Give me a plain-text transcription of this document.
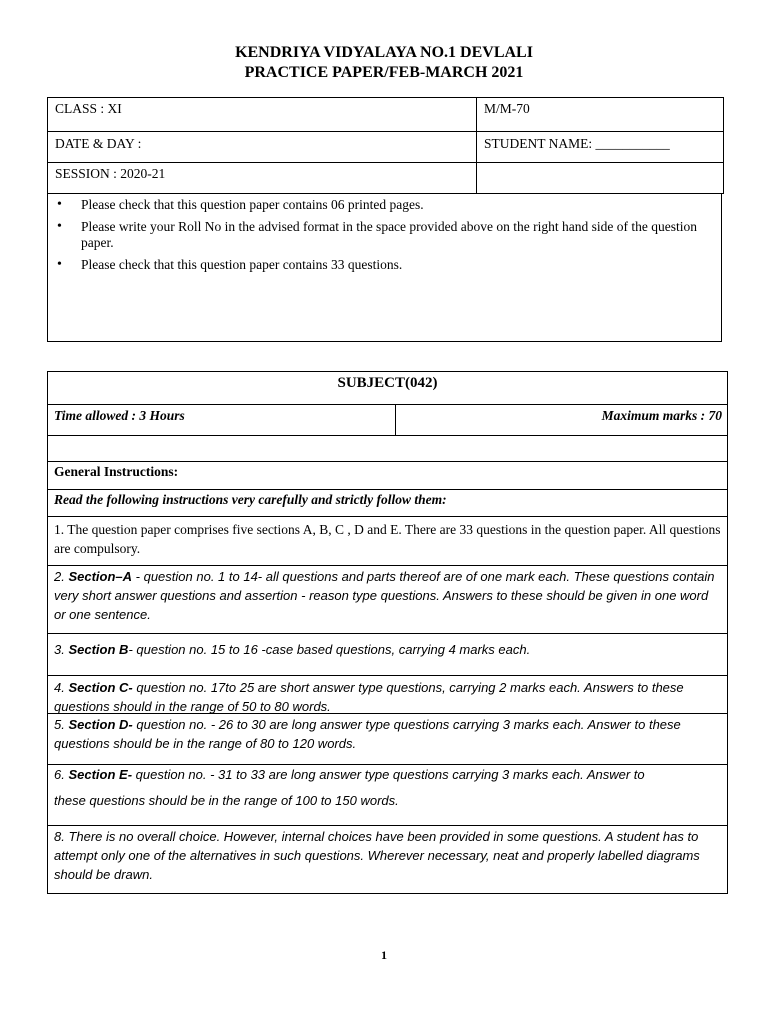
KENDRIYA VIDYALAYA NO.1 DEVLALI
PRACTICE PAPER/FEB-MARCH 2021
CLASS : XI	M/M-70
DATE & DAY :	STUDENT NAME: ___________
SESSION : 2020-21
• Please check that this question paper contains 06 printed pages.
• Please write your Roll No in the advised format in the space provided above on the right hand side of the question paper.
• Please check that this question paper contains 33 questions.
SUBJECT(042)
Time allowed : 3 Hours	Maximum marks : 70
General Instructions:
Read the following instructions very carefully and strictly follow them:
1. The question paper comprises five sections A, B, C , D and E. There are 33 questions in the question paper. All questions are compulsory.
2. Section–A - question no. 1 to 14- all questions and parts thereof are of one mark each. These questions contain very short answer questions and assertion - reason type questions. Answers to these should be given in one word or one sentence.
3. Section B- question no. 15 to 16 -case based questions, carrying 4 marks each.
4. Section C- question no. 17to 25 are short answer type questions, carrying 2 marks each. Answers to these questions should in the range of 50 to 80 words.
5. Section D- question no. - 26 to 30 are long answer type questions carrying 3 marks each. Answer to these questions should be in the range of 80 to 120 words.
6. Section E- question no. - 31 to 33 are long answer type questions carrying 3 marks each. Answer to
these questions should be in the range of 100 to 150 words.
8. There is no overall choice. However, internal choices have been provided in some questions. A student has to attempt only one of the alternatives in such questions. Wherever necessary, neat and properly labelled diagrams should be drawn.
1
